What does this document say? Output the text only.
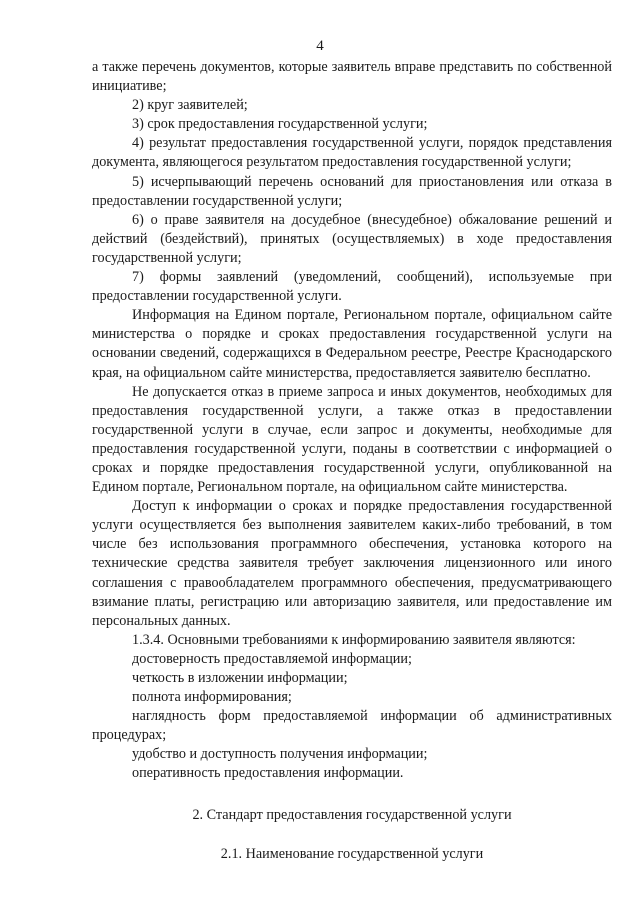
4

а также перечень документов, которые заявитель вправе представить по собственной инициативе;

2) круг заявителей;

3) срок предоставления государственной услуги;

4) результат предоставления государственной услуги, порядок представления документа, являющегося результатом предоставления государственной услуги;

5) исчерпывающий перечень оснований для приостановления или отказа в предоставлении государственной услуги;

6) о праве заявителя на досудебное (внесудебное) обжалование решений и действий (бездействий), принятых (осуществляемых) в ходе предоставления государственной услуги;

7) формы заявлений (уведомлений, сообщений), используемые при предоставлении государственной услуги.

Информация на Едином портале, Региональном портале, официальном сайте министерства о порядке и сроках предоставления государственной услуги на основании сведений, содержащихся в Федеральном реестре, Реестре Краснодарского края, на официальном сайте министерства, предоставляется заявителю бесплатно.

Не допускается отказ в приеме запроса и иных документов, необходимых для предоставления государственной услуги, а также отказ в предоставлении государственной услуги в случае, если запрос и документы, необходимые для предоставления государственной услуги, поданы в соответствии с информацией о сроках и порядке предоставления государственной услуги, опубликованной на Едином портале, Региональном портале, на официальном сайте министерства.

Доступ к информации о сроках и порядке предоставления государственной услуги осуществляется без выполнения заявителем каких-либо требований, в том числе без использования программного обеспечения, установка которого на технические средства заявителя требует заключения лицензионного или иного соглашения с правообладателем программного обеспечения, предусматривающего взимание платы, регистрацию или авторизацию заявителя, или предоставление им персональных данных.

1.3.4. Основными требованиями к информированию заявителя являются:

достоверность предоставляемой информации;

четкость в изложении информации;

полнота информирования;

наглядность форм предоставляемой информации об административных процедурах;

удобство и доступность получения информации;

оперативность предоставления информации.

2. Стандарт предоставления государственной услуги

2.1. Наименование государственной услуги
